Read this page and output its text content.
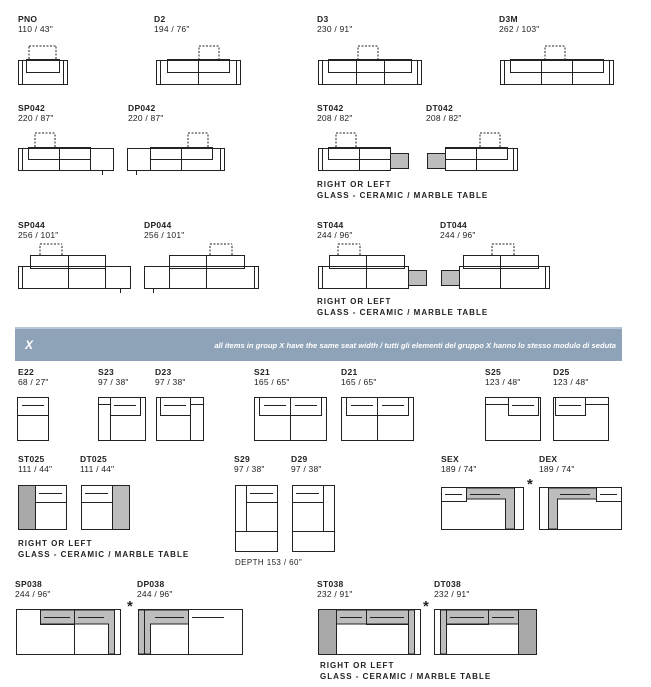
PNO
110 / 43"
D2
194 / 76"
D3
230 / 91"
D3M
262 / 103"
SP042
220 / 87"
DP042
220 / 87"
ST042
208 / 82"
DT042
208 / 82"
RIGHT OR LEFT
GLASS - CERAMIC / MARBLE TABLE
SP044
256 / 101"
DP044
256 / 101"
ST044
244 / 96"
DT044
244 / 96"
RIGHT OR LEFT
GLASS - CERAMIC / MARBLE TABLE
X	all items in group X have the same seat width / tutti gli elementi del gruppo X hanno lo stesso modulo di seduta
E22
68 / 27"
S23
97 / 38"
D23
97 / 38"
S21
165 / 65"
D21
165 / 65"
S25
123 / 48"
D25
123 / 48"
ST025
111 / 44"
DT025
111 / 44"
S29
97 / 38"
D29
97 / 38"
SEX
189 / 74"
DEX
189 / 74"
RIGHT OR LEFT
GLASS - CERAMIC / MARBLE TABLE
DEPTH 153 / 60"
SP038
244 / 96"
DP038
244 / 96"
ST038
232 / 91"
DT038
232 / 91"
RIGHT OR LEFT
GLASS - CERAMIC / MARBLE TABLE
*
*	*
